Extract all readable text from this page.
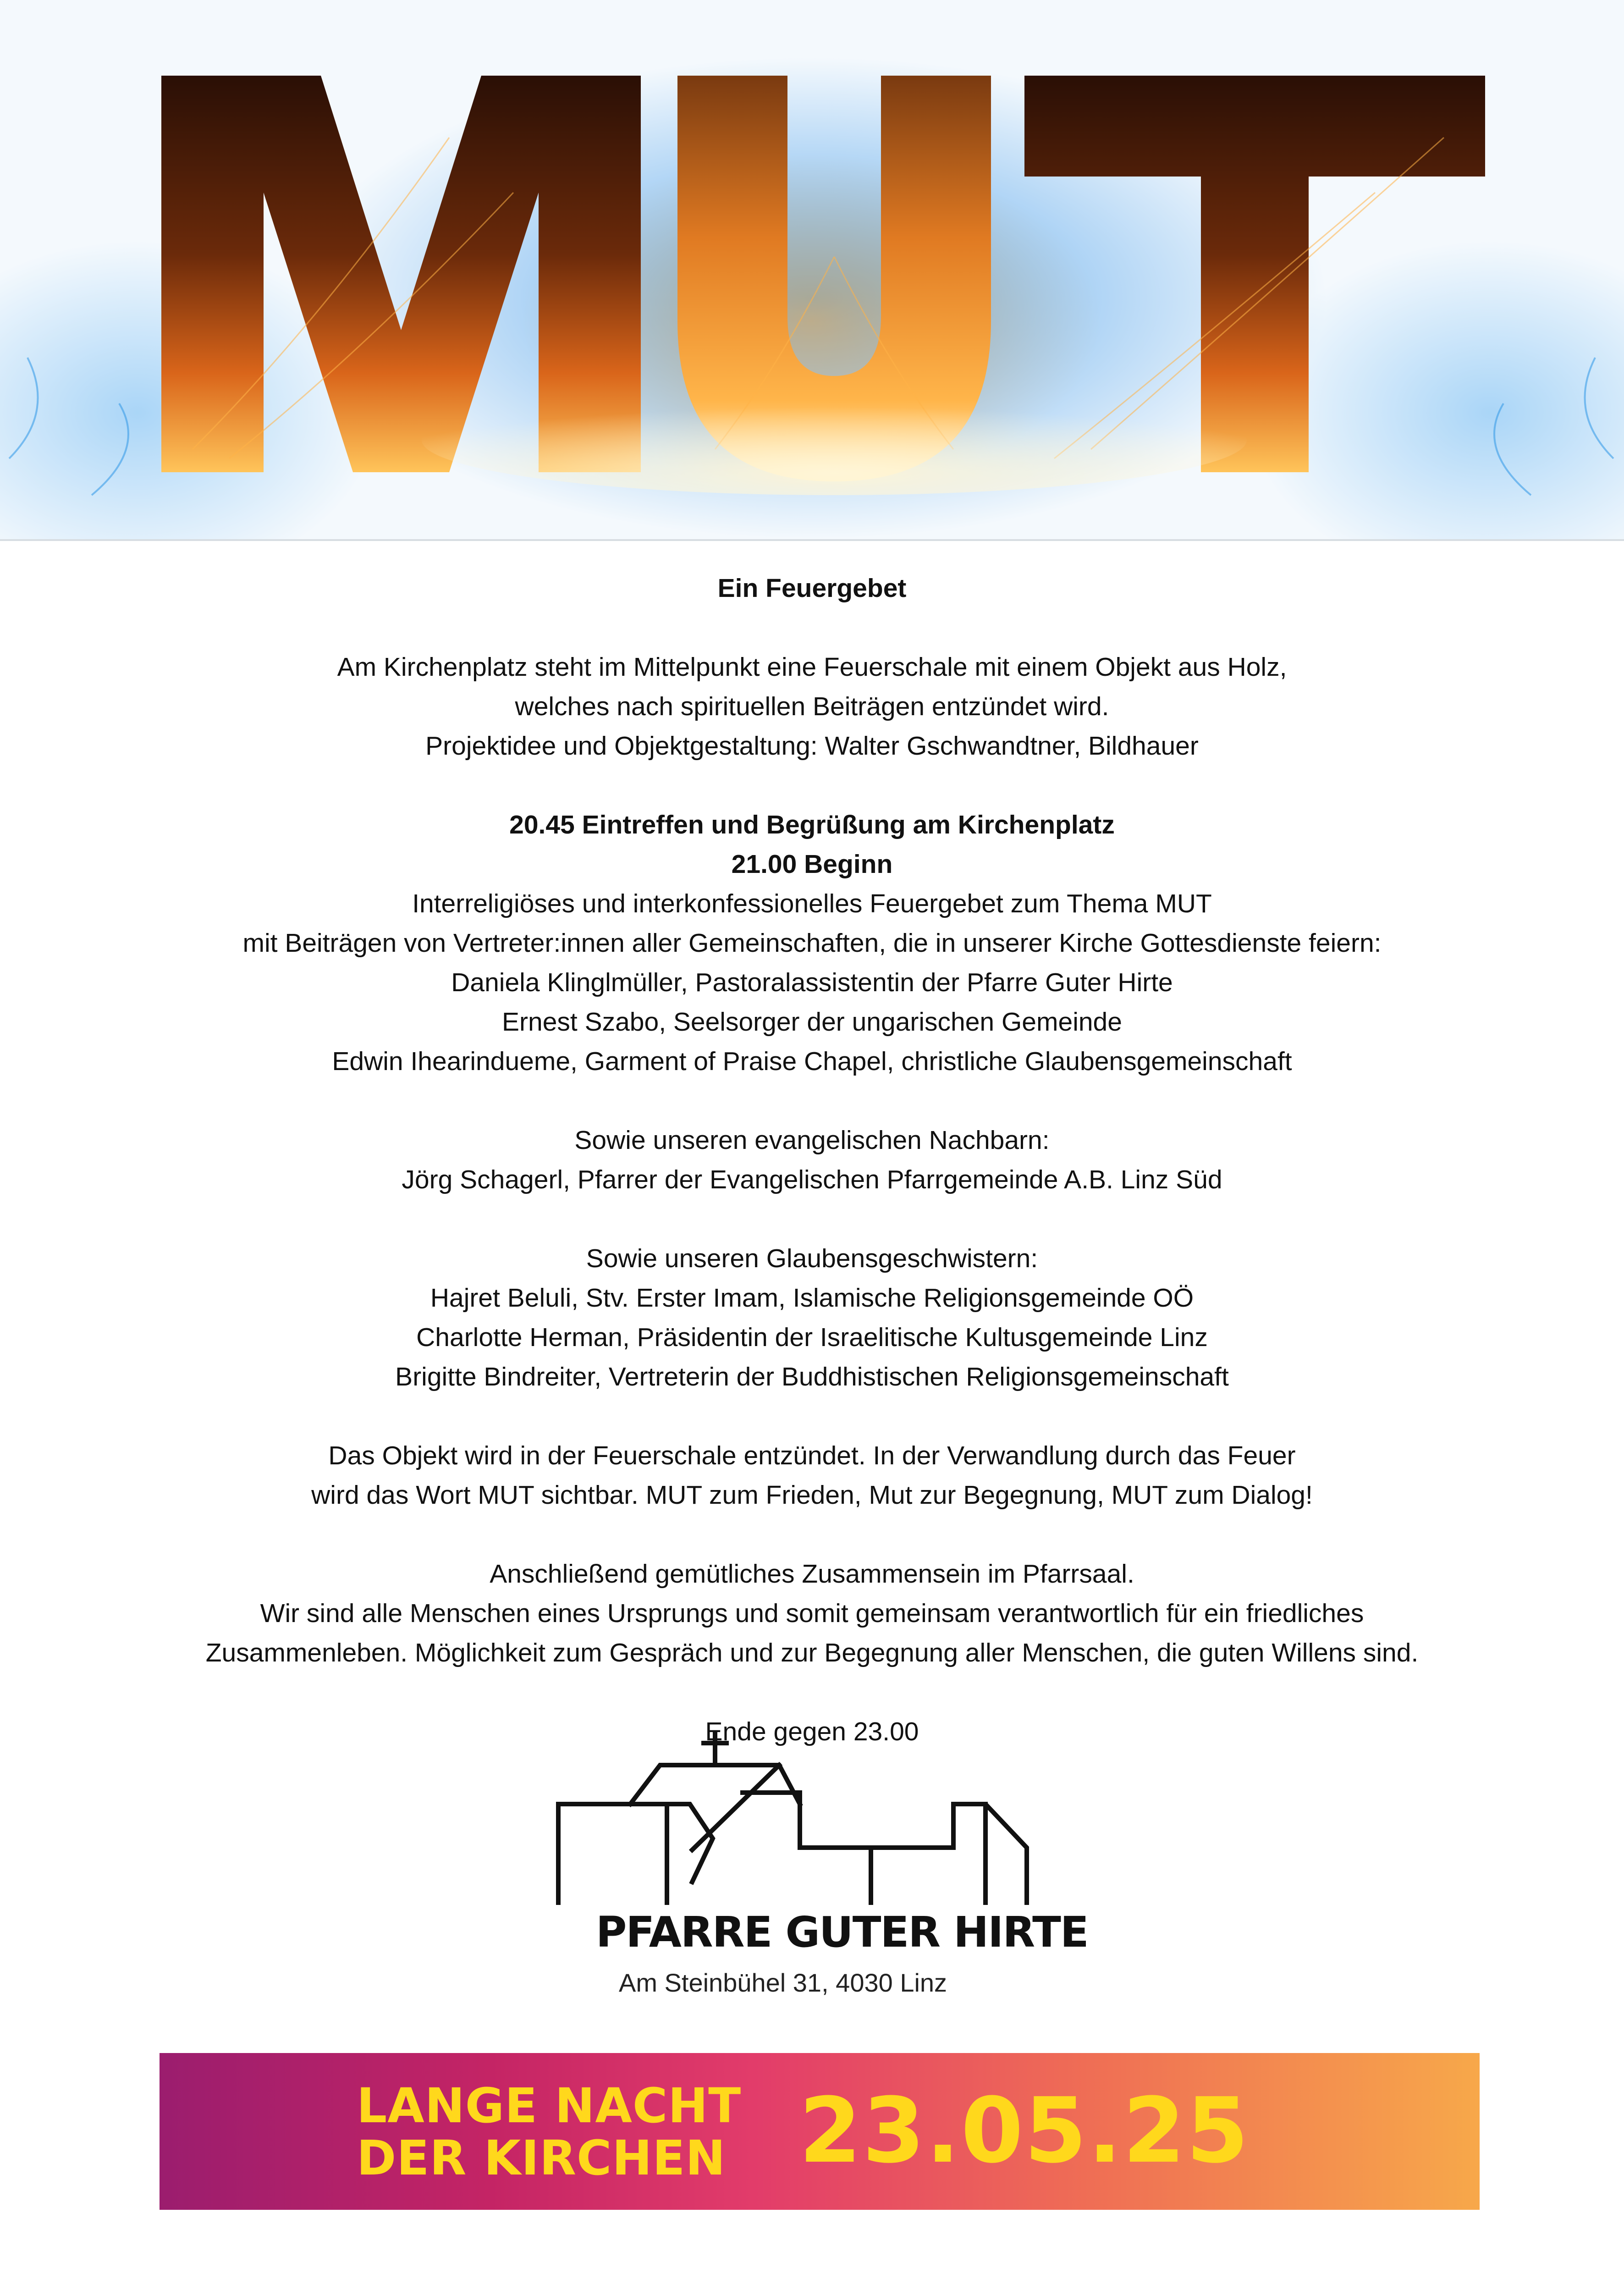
Ein Feuergebet

Am Kirchenplatz steht im Mittelpunkt eine Feuerschale mit einem Objekt aus Holz,

welches nach spirituellen Beiträgen entzündet wird.

Projektidee und Objektgestaltung: Walter Gschwandtner, Bildhauer

20.45 Eintreffen und Begrüßung am Kirchenplatz

21.00 Beginn

Interreligiöses und interkonfessionelles Feuergebet zum Thema MUT

mit Beiträgen von Vertreter:innen aller Gemeinschaften, die in unserer Kirche Gottesdienste feiern:

Daniela Klinglmüller, Pastoralassistentin der Pfarre Guter Hirte

Ernest Szabo, Seelsorger der ungarischen Gemeinde

Edwin Ihearindueme, Garment of Praise Chapel, christliche Glaubensgemeinschaft

Sowie unseren evangelischen Nachbarn:

Jörg Schagerl, Pfarrer der Evangelischen Pfarrgemeinde A.B. Linz Süd

Sowie unseren Glaubensgeschwistern:

Hajret Beluli, Stv. Erster Imam, Islamische Religionsgemeinde OÖ

Charlotte Herman, Präsidentin der Israelitische Kultusgemeinde Linz

Brigitte Bindreiter, Vertreterin der Buddhistischen Religionsgemeinschaft

Das Objekt wird in der Feuerschale entzündet. In der Verwandlung durch das Feuer

wird das Wort MUT sichtbar. MUT zum Frieden, Mut zur Begegnung, MUT zum Dialog!

Anschließend gemütliches Zusammensein im Pfarrsaal.

Wir sind alle Menschen eines Ursprungs und somit gemeinsam verantwortlich für ein friedliches

Zusammenleben. Möglichkeit zum Gespräch und zur Begegnung aller Menschen, die guten Willens sind.

Ende gegen 23.00

PFARRE GUTER HIRTE
Am Steinbühel 31, 4030 Linz
LANGE NACHT
DER KIRCHEN 23.05.25
